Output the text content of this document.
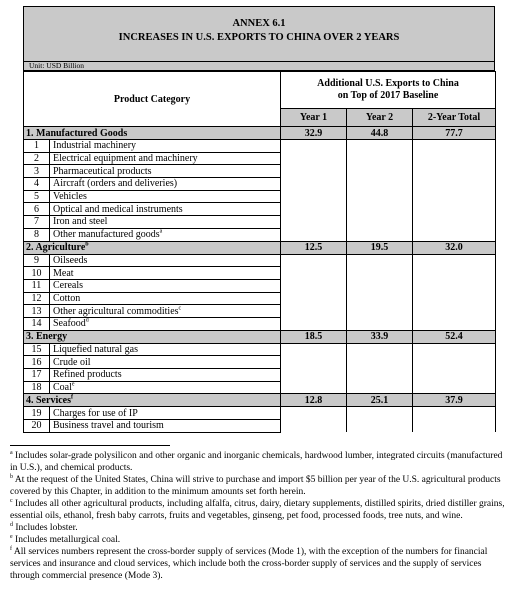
ANNEX 6.1
INCREASES IN U.S. EXPORTS TO CHINA OVER 2 YEARS
Unit: USD Billion
Product Category		Additional U.S. Exports to China
on Top of 2017 Baseline		
		Year 1	Year 2	2-Year Total
1. Manufactured Goods		32.9	44.8	77.7
1	Industrial machinery			
2	Electrical equipment and machinery			
3	Pharmaceutical products			
4	Aircraft (orders and deliveries)			
5	Vehicles			
6	Optical and medical instruments			
7	Iron and steel			
8	Other manufactured goods$^a$			
2. Agriculture$^b$		12.5	19.5	32.0
9	Oilseeds			
10	Meat			
11	Cereals			
12	Cotton			
13	Other agricultural commodities$^c$			
14	Seafood$^d$			
3. Energy		18.5	33.9	52.4
15	Liquefied natural gas			
16	Crude oil			
17	Refined products			
18	Coal$^e$			
4. Services$^f$		12.8	25.1	37.9
19	Charges for use of IP			
20	Business travel and tourism			

$^a$ Includes solar-grade polysilicon and other organic and inorganic chemicals, hardwood lumber, integrated circuits (manufactured in U.S.), and chemical products.

$^b$ At the request of the United States, China will strive to purchase and import $5 billion per year of the U.S. agricultural products covered by this Chapter, in addition to the minimum amounts set forth herein.

$^c$ Includes all other agricultural products, including alfalfa, citrus, dairy, dietary supplements, distilled spirits, dried distiller grains, essential oils, ethanol, fresh baby carrots, fruits and vegetables, ginseng, pet food, processed foods, tree nuts, and wine.

$^d$ Includes lobster.

$^e$ Includes metallurgical coal.

$^f$ All services numbers represent the cross-border supply of services (Mode 1), with the exception of the numbers for financial services and insurance and cloud services, which include both the cross-border supply of services and the supply of services through commercial presence (Mode 3).
